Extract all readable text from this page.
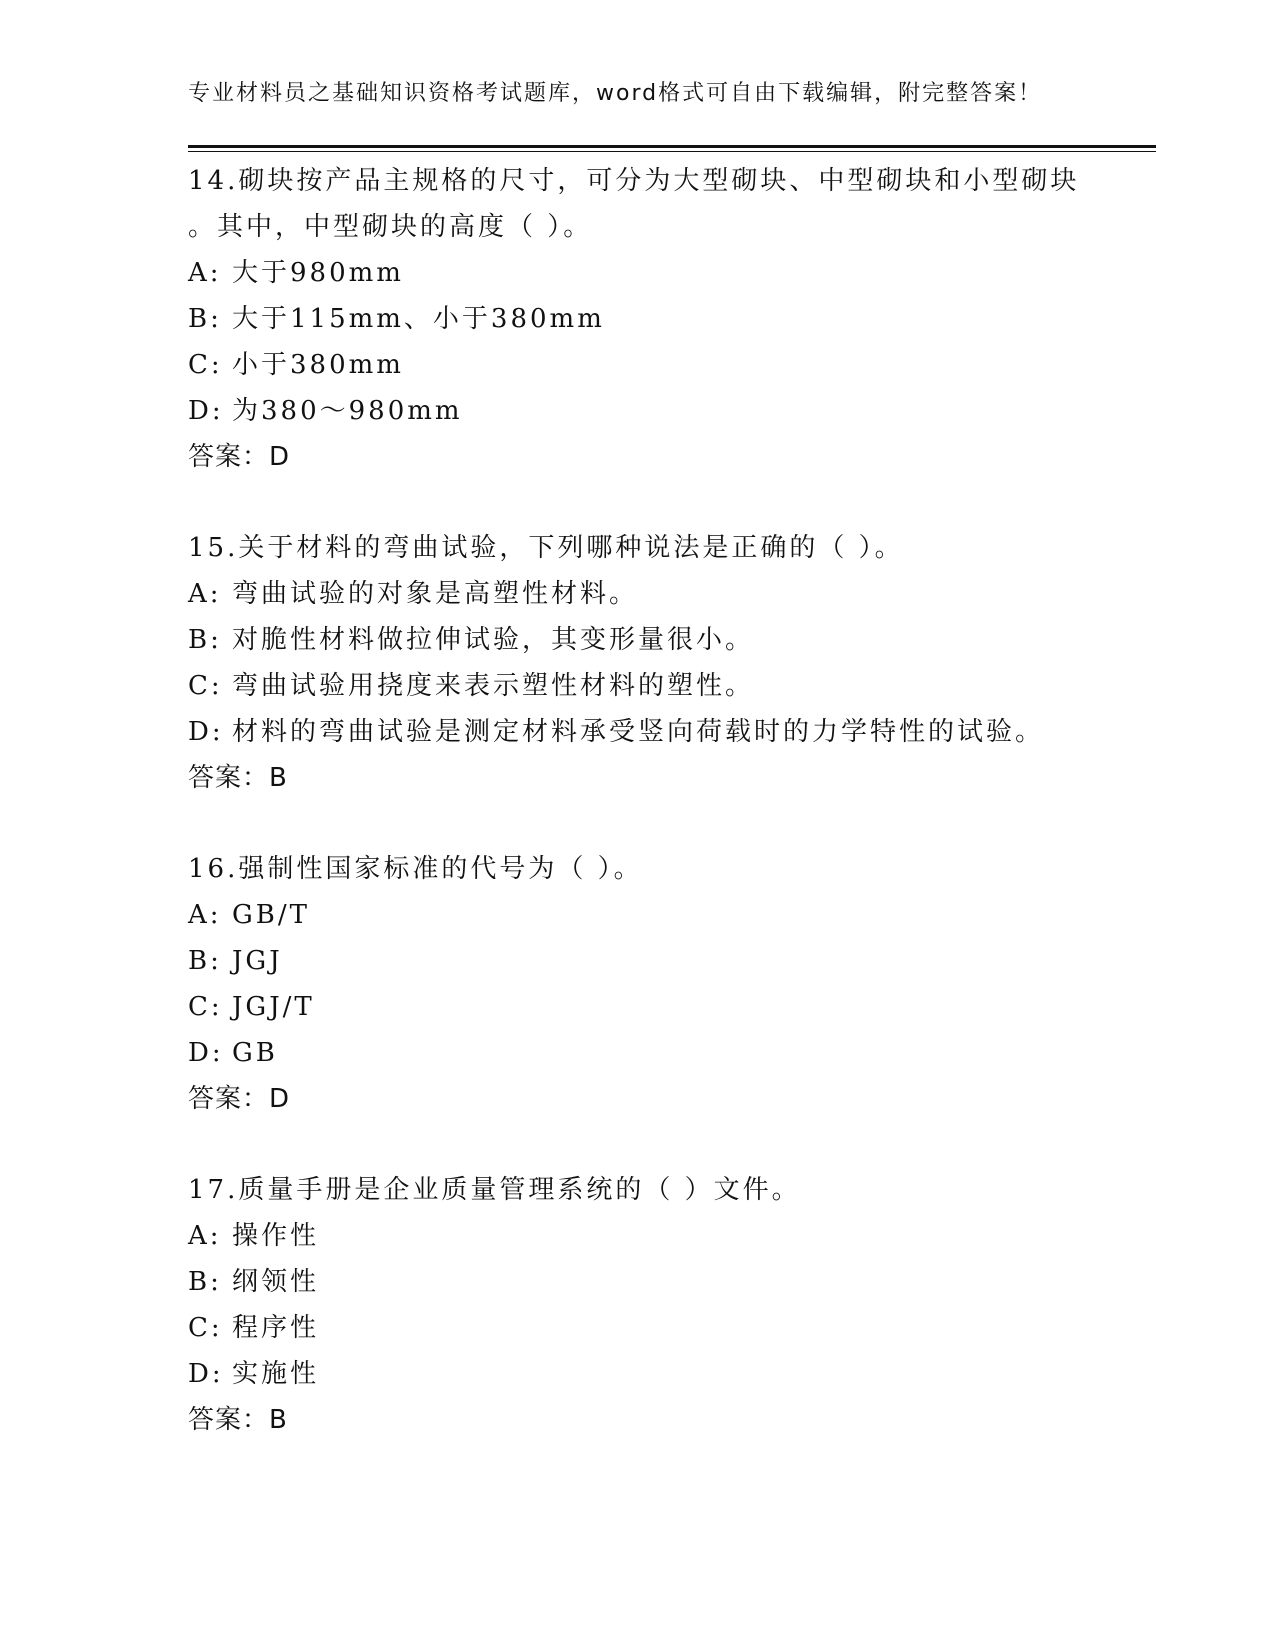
专业材料员之基础知识资格考试题库，word格式可自由下载编辑，附完整答案！
14.砌块按产品主规格的尺寸，可分为大型砌块、中型砌块和小型砌块
。其中，中型砌块的高度（ ）。
A: 大于980mm
B: 大于115mm、小于380mm
C: 小于380mm
D: 为380～980mm
答案：D
15.关于材料的弯曲试验，下列哪种说法是正确的（ ）。
A: 弯曲试验的对象是高塑性材料。
B: 对脆性材料做拉伸试验，其变形量很小。
C: 弯曲试验用挠度来表示塑性材料的塑性。
D: 材料的弯曲试验是测定材料承受竖向荷载时的力学特性的试验。
答案：B
16.强制性国家标准的代号为（ ）。
A: GB/T
B: JGJ
C: JGJ/T
D: GB
答案：D
17.质量手册是企业质量管理系统的（ ）文件。
A: 操作性
B: 纲领性
C: 程序性
D: 实施性
答案：B
